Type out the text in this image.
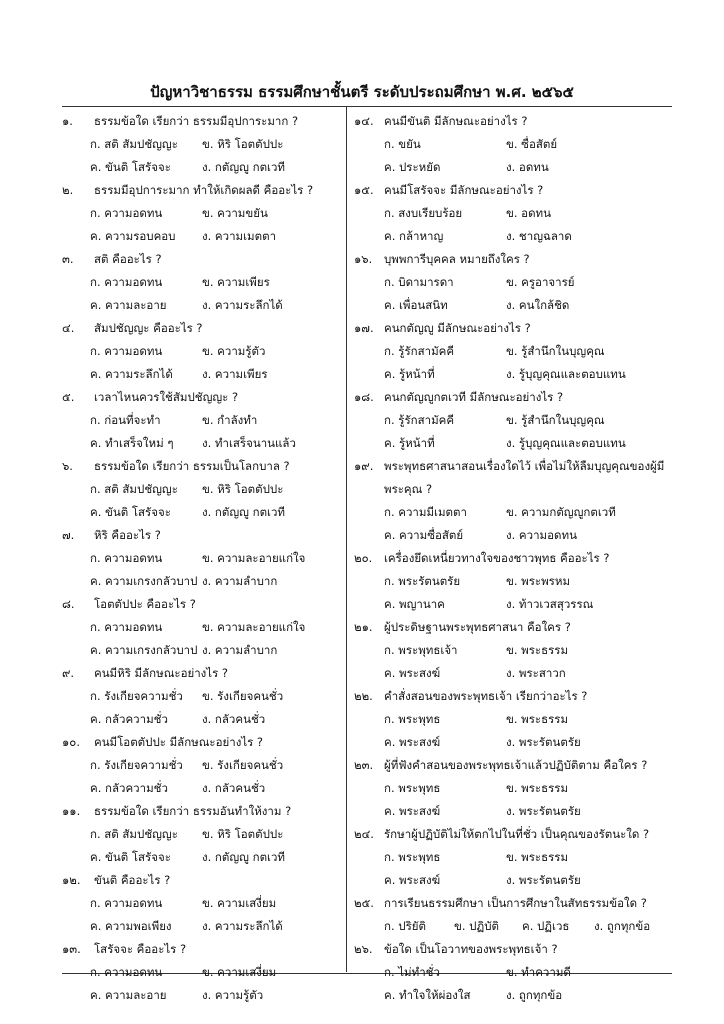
ปัญหาวิชาธรรม ธรรมศึกษาชั้นตรี ระดับประถมศึกษา พ.ศ. ๒๕๖๕
๑.	ธรรมข้อใด เรียกว่า ธรรมมีอุปการะมาก ?
ก. สติ สัมปชัญญะ ข. หิริ โอตตัปปะ
ค. ขันติ โสรัจจะ	ง. กตัญญู กตเวที
๒.	ธรรมมีอุปการะมาก ทำให้เกิดผลดี คืออะไร ?
ก. ความอดทน	ข. ความขยัน
ค. ความรอบคอบ ง. ความเมตตา
๓.	สติ คืออะไร ?
ก. ความอดทน	ข. ความเพียร
ค. ความละอาย	ง. ความระลึกได้
๔.	สัมปชัญญะ คืออะไร ?
ก. ความอดทน	ข. ความรู้ตัว
ค. ความระลึกได้	ง. ความเพียร
๕.	เวลาไหนควรใช้สัมปชัญญะ ?
ก. ก่อนที่จะทำ	ข. กำลังทำ
ค. ทำเสร็จใหม่ ๆ ง. ทำเสร็จนานแล้ว
๖.	ธรรมข้อใด เรียกว่า ธรรมเป็นโลกบาล ?
ก. สติ สัมปชัญญะ ข. หิริ โอตตัปปะ
ค. ขันติ โสรัจจะ	ง. กตัญญู กตเวที
๗.	หิริ คืออะไร ?
ก. ความอดทน	ข. ความละอายแก่ใจ
ค. ความเกรงกลัวบาป ง. ความลำบาก
๘.	โอตตัปปะ คืออะไร ?
ก. ความอดทน	ข. ความละอายแก่ใจ
ค. ความเกรงกลัวบาป ง. ความลำบาก
๙.	คนมีหิริ มีลักษณะอย่างไร ?
ก. รังเกียจความชั่ว ข. รังเกียจคนชั่ว
ค. กลัวความชั่ว	ง. กลัวคนชั่ว
๑๐.	คนมีโอตตัปปะ มีลักษณะอย่างไร ?
ก. รังเกียจความชั่ว ข. รังเกียจคนชั่ว
ค. กลัวความชั่ว	ง. กลัวคนชั่ว
๑๑.	ธรรมข้อใด เรียกว่า ธรรมอันทำให้งาม ?
ก. สติ สัมปชัญญะ ข. หิริ โอตตัปปะ
ค. ขันติ โสรัจจะ	ง. กตัญญู กตเวที
๑๒.	ขันติ คืออะไร ?
ก. ความอดทน	ข. ความเสงี่ยม
ค. ความพอเพียง	ง. ความระลึกได้
๑๓.	โสรัจจะ คืออะไร ?
ก. ความอดทน	ข. ความเสงี่ยม
ค. ความละอาย	ง. ความรู้ตัว
๑๔. คนมีขันติ มีลักษณะอย่างไร ?
ก. ขยัน	ข. ซื่อสัตย์
ค. ประหยัด	ง. อดทน
๑๕. คนมีโสรัจจะ มีลักษณะอย่างไร ?
ก. สงบเรียบร้อย	ข. อดทน
ค. กล้าหาญ	ง. ชาญฉลาด
๑๖.	บุพพการีบุคคล หมายถึงใคร ?
ก. บิดามารดา	ข. ครูอาจารย์
ค. เพื่อนสนิท	ง. คนใกล้ชิด
๑๗. คนกตัญญู มีลักษณะอย่างไร ?
ก. รู้รักสามัคคี	ข. รู้สำนึกในบุญคุณ
ค. รู้หน้าที่	ง. รู้บุญคุณและตอบแทน
๑๘. คนกตัญญูกตเวที มีลักษณะอย่างไร ?
ก. รู้รักสามัคคี	ข. รู้สำนึกในบุญคุณ
ค. รู้หน้าที่	ง. รู้บุญคุณและตอบแทน
๑๙. พระพุทธศาสนาสอนเรื่องใดไว้ เพื่อไม่ให้ลืมบุญคุณของผู้มี
พระคุณ ?
ก. ความมีเมตตา	ข. ความกตัญญูกตเวที
ค. ความซื่อสัตย์	ง. ความอดทน
๒๐.	เครื่องยึดเหนี่ยวทางใจของชาวพุทธ คืออะไร ?
ก. พระรัตนตรัย	ข. พระพรหม
ค. พญานาค	ง. ท้าวเวสสุวรรณ
๒๑. ผู้ประดิษฐานพระพุทธศาสนา คือใคร ?
ก. พระพุทธเจ้า	ข. พระธรรม
ค. พระสงฆ์	ง. พระสาวก
๒๒. คำสั่งสอนของพระพุทธเจ้า เรียกว่าอะไร ?
ก. พระพุทธ	ข. พระธรรม
ค. พระสงฆ์	ง. พระรัตนตรัย
๒๓. ผู้ที่ฟังคำสอนของพระพุทธเจ้าแล้วปฏิบัติตาม คือใคร ?
ก. พระพุทธ	ข. พระธรรม
ค. พระสงฆ์	ง. พระรัตนตรัย
๒๔. รักษาผู้ปฏิบัติไม่ให้ตกไปในที่ชั่ว เป็นคุณของรัตนะใด ?
ก. พระพุทธ	ข. พระธรรม
ค. พระสงฆ์	ง. พระรัตนตรัย
๒๕. การเรียนธรรมศึกษา เป็นการศึกษาในสัทธรรมข้อใด ?
ก. ปริยัติ ข. ปฏิบัติ ค. ปฏิเวธ ง. ถูกทุกข้อ
๒๖. ข้อใด เป็นโอวาทของพระพุทธเจ้า ?
ก. ไม่ทำชั่ว	ข. ทำความดี
ค. ทำใจให้ผ่องใส	ง. ถูกทุกข้อ
